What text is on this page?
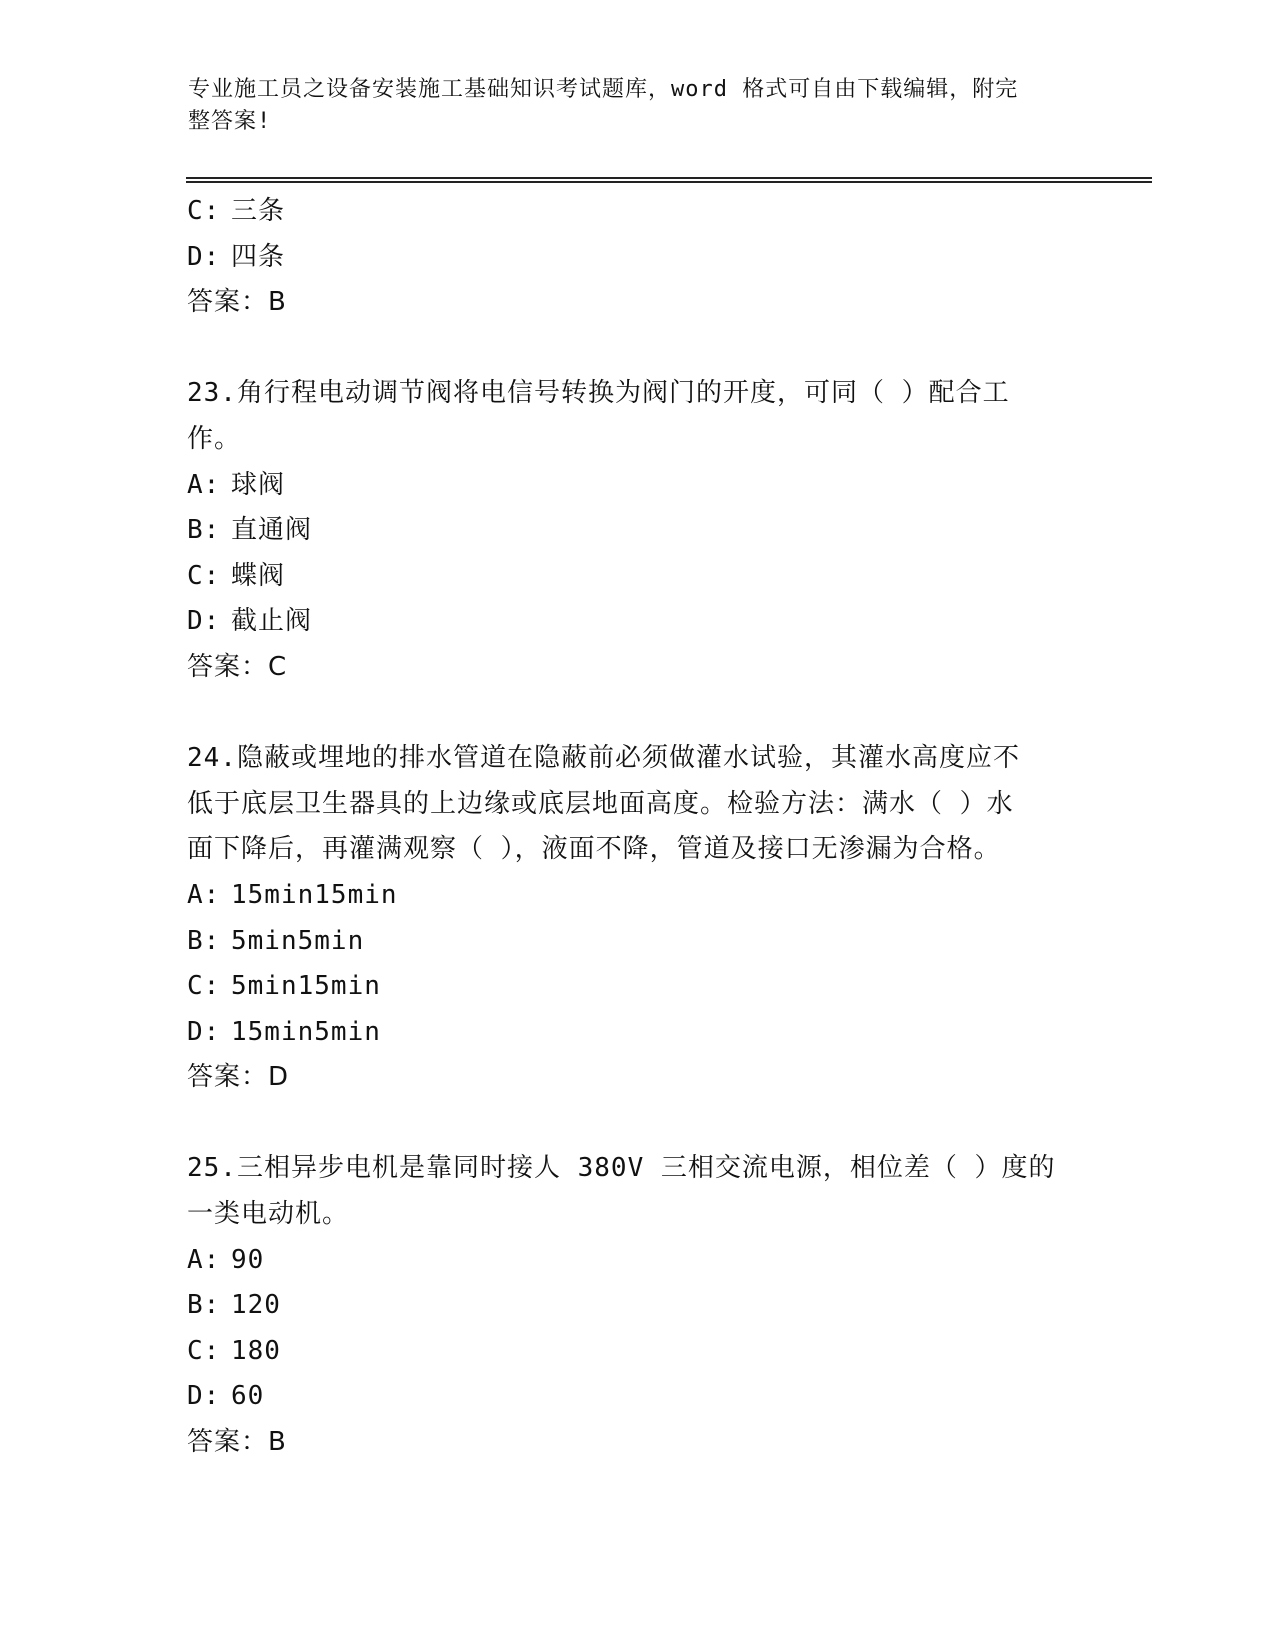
专业施工员之设备安装施工基础知识考试题库，word 格式可自由下载编辑，附完
整答案!
C: 三条
D: 四条
答案：B
23.角行程电动调节阀将电信号转换为阀门的开度，可同（ ）配合工
作。
A: 球阀
B: 直通阀
C: 蝶阀
D: 截止阀
答案：C
24.隐蔽或埋地的排水管道在隐蔽前必须做灌水试验，其灌水高度应不
低于底层卫生器具的上边缘或底层地面高度。检验方法：满水（ ）水
面下降后，再灌满观察（ ），液面不降，管道及接口无渗漏为合格。
A: 15min15min
B: 5min5min
C: 5min15min
D: 15min5min
答案：D
25.三相异步电机是靠同时接人 380V 三相交流电源，相位差（ ）度的
一类电动机。
A: 90
B: 120
C: 180
D: 60
答案：B
